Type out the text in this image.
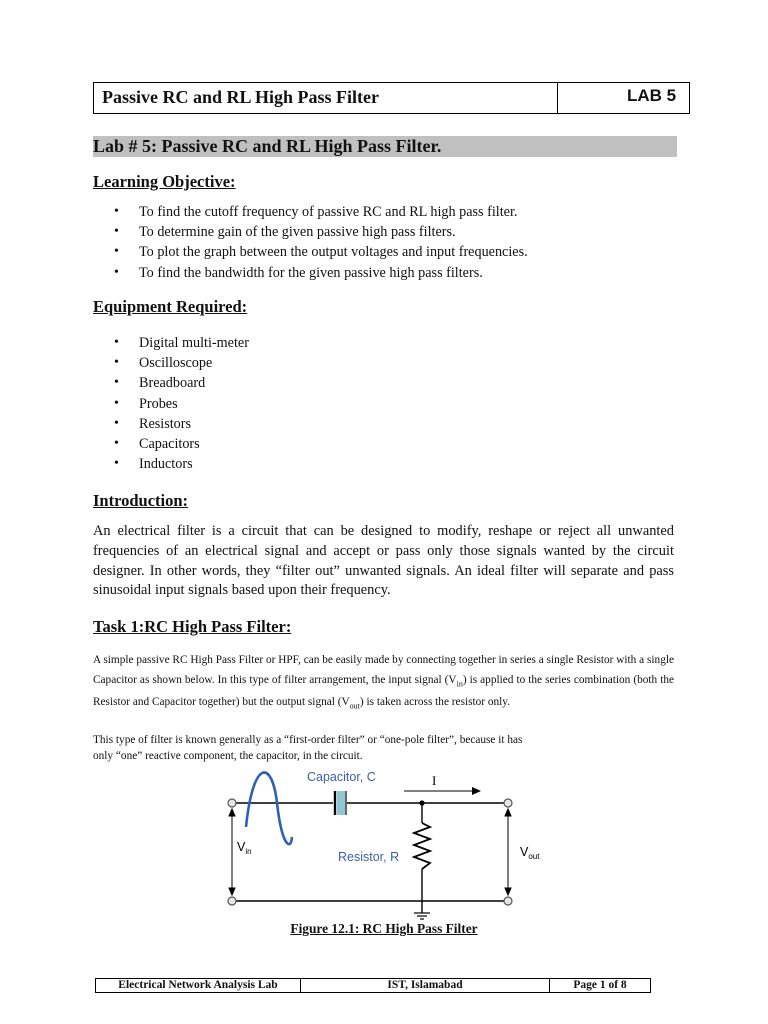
Passive RC and RL High Pass Filter	LAB 5
Lab # 5: Passive RC and RL High Pass Filter.
Learning Objective:
• To find the cutoff frequency of passive RC and RL high pass filter.
• To determine gain of the given passive high pass filters.
• To plot the graph between the output voltages and input frequencies.
• To find the bandwidth for the given passive high pass filters.
Equipment Required:
• Digital multi-meter
• Oscilloscope
• Breadboard
• Probes
• Resistors
• Capacitors
• Inductors
Introduction:
An electrical filter is a circuit that can be designed to modify, reshape or reject all unwanted frequencies of an electrical signal and accept or pass only those signals wanted by the circuit designer. In other words, they “filter out” unwanted signals. An ideal filter will separate and pass sinusoidal input signals based upon their frequency.
Task 1:RC High Pass Filter:
A simple passive RC High Pass Filter or HPF, can be easily made by connecting together in series a single Resistor with a single Capacitor as shown below. In this type of filter arrangement, the input signal $(V_{in})$ is applied to the series combination (both the Resistor and Capacitor together) but the output signal $(V_{out})$ is taken across the resistor only.
This type of filter is known generally as a “first-order filter” or “one-pole filter”, because it has
only “one” reactive component, the capacitor, in the circuit.
Capacitor, C	I
Resistor, R
$V_{in}$	$V_{out}$
Figure 12.1: RC High Pass Filter
Electrical Network Analysis Lab	IST, Islamabad	Page 1 of 8
